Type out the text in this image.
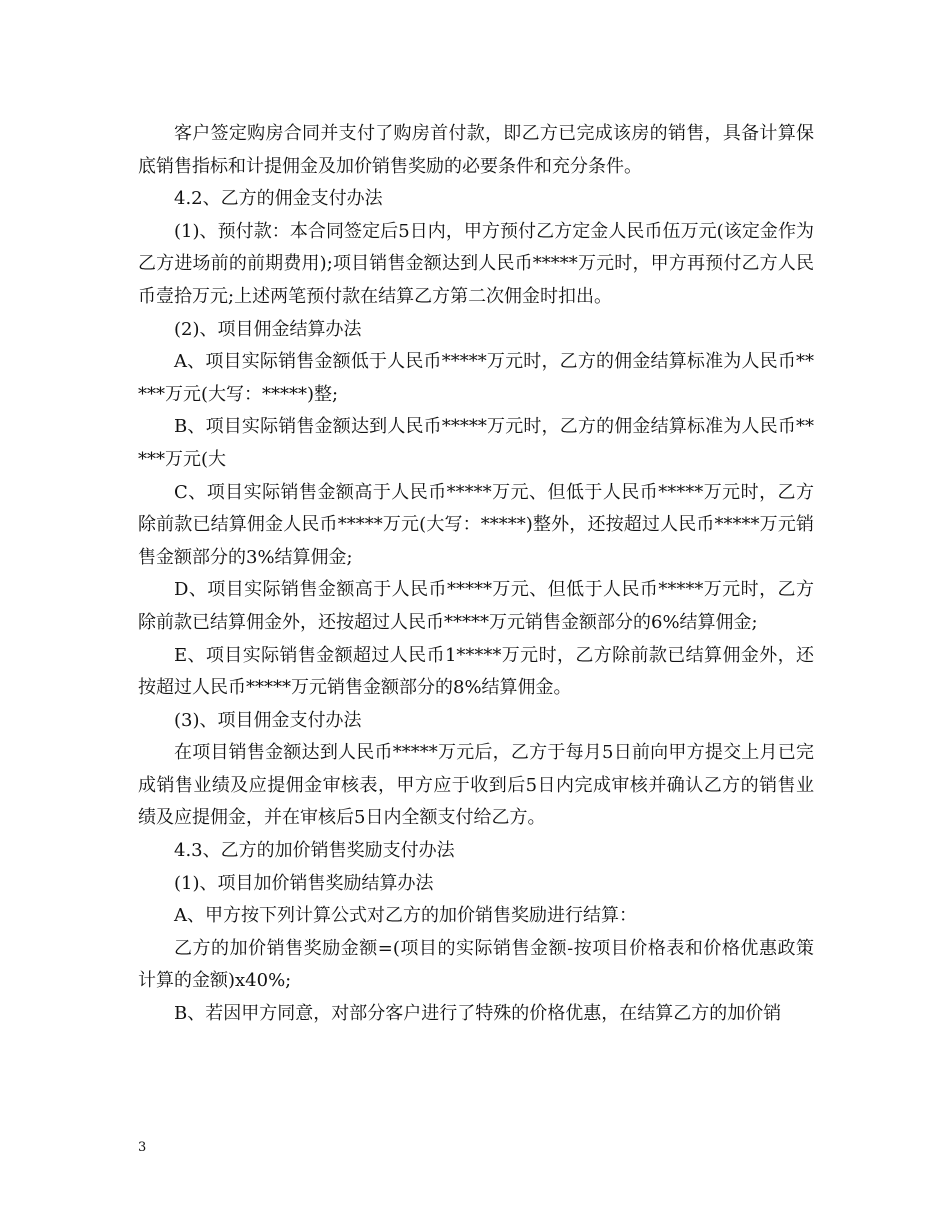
客户签定购房合同并支付了购房首付款，即乙方已完成该房的销售，具备计算保底销售指标和计提佣金及加价销售奖励的必要条件和充分条件。

4.2、乙方的佣金支付办法

(1)、预付款：本合同签定后5日内，甲方预付乙方定金人民币伍万元(该定金作为乙方进场前的前期费用);项目销售金额达到人民币*****万元时，甲方再预付乙方人民币壹拾万元;上述两笔预付款在结算乙方第二次佣金时扣出。

(2)、项目佣金结算办法

A、项目实际销售金额低于人民币*****万元时，乙方的佣金结算标准为人民币*****万元(大写：*****)整;

B、项目实际销售金额达到人民币*****万元时，乙方的佣金结算标准为人民币*****万元(大

C、项目实际销售金额高于人民币*****万元、但低于人民币*****万元时，乙方除前款已结算佣金人民币*****万元(大写：*****)整外，还按超过人民币*****万元销售金额部分的3%结算佣金;

D、项目实际销售金额高于人民币*****万元、但低于人民币*****万元时，乙方除前款已结算佣金外，还按超过人民币*****万元销售金额部分的6%结算佣金;

E、项目实际销售金额超过人民币1*****万元时，乙方除前款已结算佣金外，还按超过人民币*****万元销售金额部分的8%结算佣金。

(3)、项目佣金支付办法

在项目销售金额达到人民币*****万元后，乙方于每月5日前向甲方提交上月已完成销售业绩及应提佣金审核表，甲方应于收到后5日内完成审核并确认乙方的销售业绩及应提佣金，并在审核后5日内全额支付给乙方。

4.3、乙方的加价销售奖励支付办法

(1)、项目加价销售奖励结算办法

A、甲方按下列计算公式对乙方的加价销售奖励进行结算：

乙方的加价销售奖励金额=(项目的实际销售金额-按项目价格表和价格优惠政策计算的金额)x40%;

B、若因甲方同意，对部分客户进行了特殊的价格优惠，在结算乙方的加价销

3
